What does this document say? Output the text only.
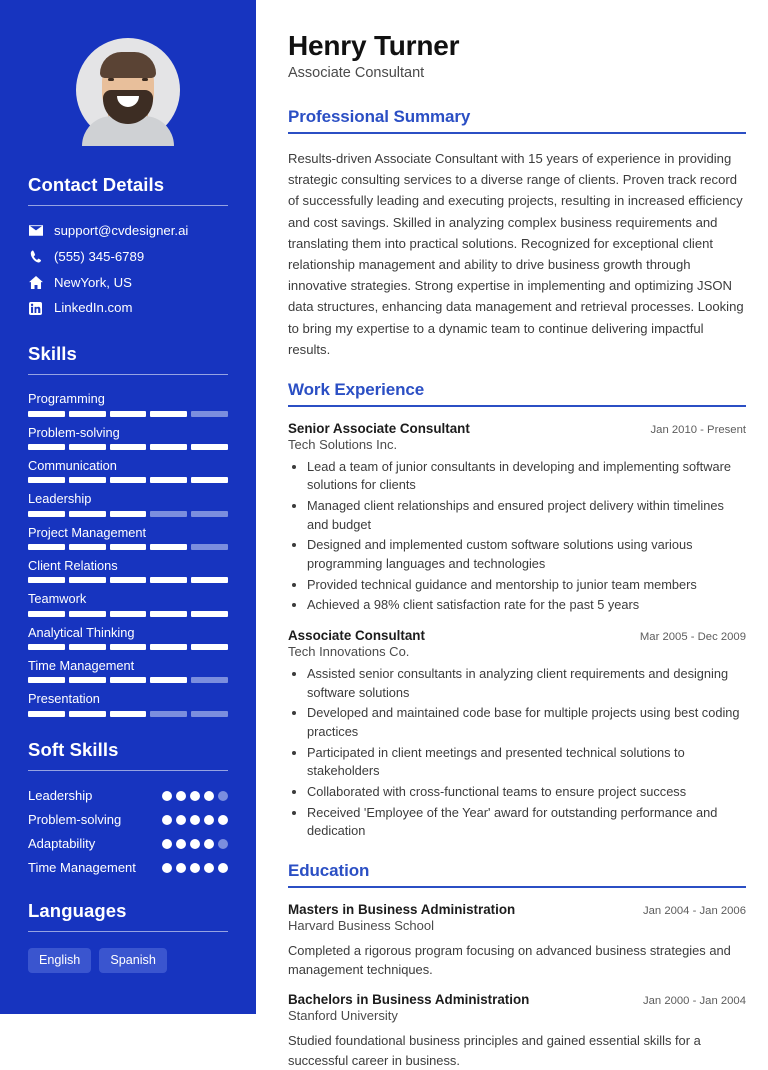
Contact Details
support@cvdesigner.ai
(555) 345-6789
NewYork, US
LinkedIn.com
Skills
Programming
Problem-solving
Communication
Leadership
Project Management
Client Relations
Teamwork
Analytical Thinking
Time Management
Presentation
Soft Skills
Leadership
Problem-solving
Adaptability
Time Management
Languages
English	Spanish
Henry Turner
Associate Consultant
Professional Summary

Results-driven Associate Consultant with 15 years of experience in providing strategic consulting services to a diverse range of clients. Proven track record of successfully leading and executing projects, resulting in increased efficiency and cost savings. Skilled in analyzing complex business requirements and translating them into practical solutions. Recognized for exceptional client relationship management and ability to drive business growth through innovative strategies. Strong expertise in implementing and optimizing JSON data structures, enhancing data management and retrieval processes. Looking to bring my expertise to a dynamic team to continue delivering impactful results.

Work Experience
Senior Associate Consultant	Jan 2010 - Present
Tech Solutions Inc.
• Lead a team of junior consultants in developing and implementing software solutions for clients
• Managed client relationships and ensured project delivery within timelines and budget
• Designed and implemented custom software solutions using various programming languages and technologies
• Provided technical guidance and mentorship to junior team members
• Achieved a 98% client satisfaction rate for the past 5 years
Associate Consultant	Mar 2005 - Dec 2009
Tech Innovations Co.
• Assisted senior consultants in analyzing client requirements and designing software solutions
• Developed and maintained code base for multiple projects using best coding practices
• Participated in client meetings and presented technical solutions to stakeholders
• Collaborated with cross-functional teams to ensure project success
• Received 'Employee of the Year' award for outstanding performance and dedication
Education
Masters in Business Administration	Jan 2004 - Jan 2006
Harvard Business School
Completed a rigorous program focusing on advanced business strategies and management techniques.
Bachelors in Business Administration	Jan 2000 - Jan 2004
Stanford University
Studied foundational business principles and gained essential skills for a successful career in business.
